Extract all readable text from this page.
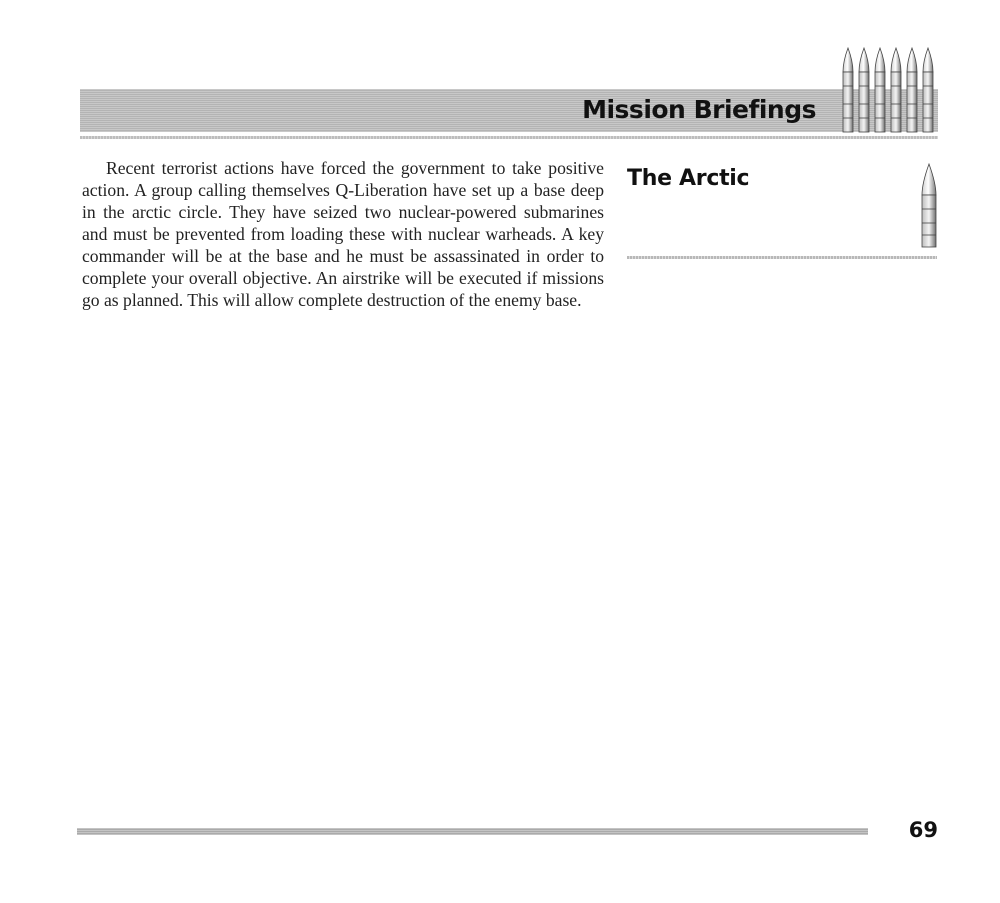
Mission Briefings

Recent terrorist actions have forced the government to take positive action. A group calling themselves Q-Liberation have set up a base deep in the arctic circle. They have seized two nuclear-powered submarines and must be prevented from loading these with nuclear warheads. A key commander will be at the base and he must be assassinated in order to complete your overall objective. An airstrike will be executed if missions go as planned. This will allow complete destruction of the enemy base.

The Arctic

69
